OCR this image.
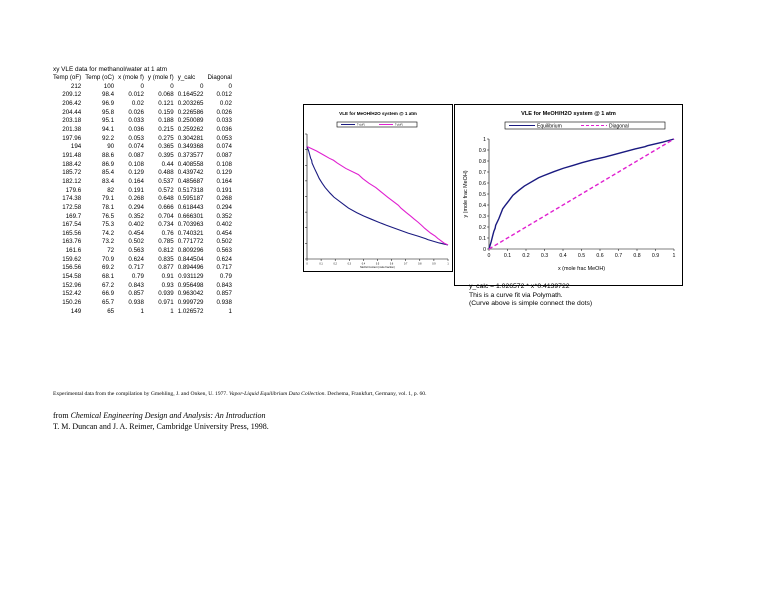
xy VLE data for methanol/water at 1 atm
Temp (oF)	Temp (oC)	x (mole f)	y (mole f)	y_calc	Diagonal
212	100	0	0	0	0
209.12	98.4	0.012	0.068	0.164522	0.012
206.42	96.9	0.02	0.121	0.203265	0.02
204.44	95.8	0.026	0.159	0.226586	0.026
203.18	95.1	0.033	0.188	0.250089	0.033
201.38	94.1	0.036	0.215	0.259262	0.036
197.96	92.2	0.053	0.275	0.304281	0.053
194	90	0.074	0.365	0.349368	0.074
191.48	88.6	0.087	0.395	0.373577	0.087
188.42	86.9	0.108	0.44	0.408558	0.108
185.72	85.4	0.129	0.488	0.439742	0.129
182.12	83.4	0.164	0.537	0.485687	0.164
179.6	82	0.191	0.572	0.517318	0.191
174.38	79.1	0.268	0.648	0.595187	0.268
172.58	78.1	0.294	0.666	0.618443	0.294
169.7	76.5	0.352	0.704	0.666301	0.352
167.54	75.3	0.402	0.734	0.703963	0.402
165.56	74.2	0.454	0.76	0.740321	0.454
163.76	73.2	0.502	0.785	0.771772	0.502
161.6	72	0.563	0.812	0.809296	0.563
159.62	70.9	0.624	0.835	0.844504	0.624
156.56	69.2	0.717	0.877	0.894496	0.717
154.58	68.1	0.79	0.91	0.931129	0.79
152.96	67.2	0.843	0.93	0.956498	0.843
152.42	66.9	0.857	0.939	0.963042	0.857
150.26	65.7	0.938	0.971	0.999729	0.938
149	65	1	1	1.026572	1
VLE for MeOH/H2O system @ 1 atm
T-x(oF)	T-y(oF)
0	0.1	0.2	0.3	0.4	0.5	0.6	0.7	0.8	0.9	1
MeOH Content (mole fraction)
VLE for MeOH/H2O system @ 1 atm
Equilibrium	Diagonal
0	0.1 0.2 0.3 0.4 0.5 0.6 0.7 0.8 0.9	1
0
0.1
0.2
0.3
0.4
0.5
0.6
0.7
0.8
0.9
1
x (mole frac MeOH)
y (mole frac MeOH)
y_calc = 1.026572 * x^0.4139722
This is a curve fit via Polymath.
(Curve above is simple connect the dots)
Experimental data from the compilation by Gmehling, J. and Onken, U. 1977. Vapor-Liquid Equilibrium Data Collection. Dechema, Frankfurt, Germany, vol. 1, p. 60.
from Chemical Engineering Design and Analysis: An Introduction
T. M. Duncan and J. A. Reimer, Cambridge University Press, 1998.
